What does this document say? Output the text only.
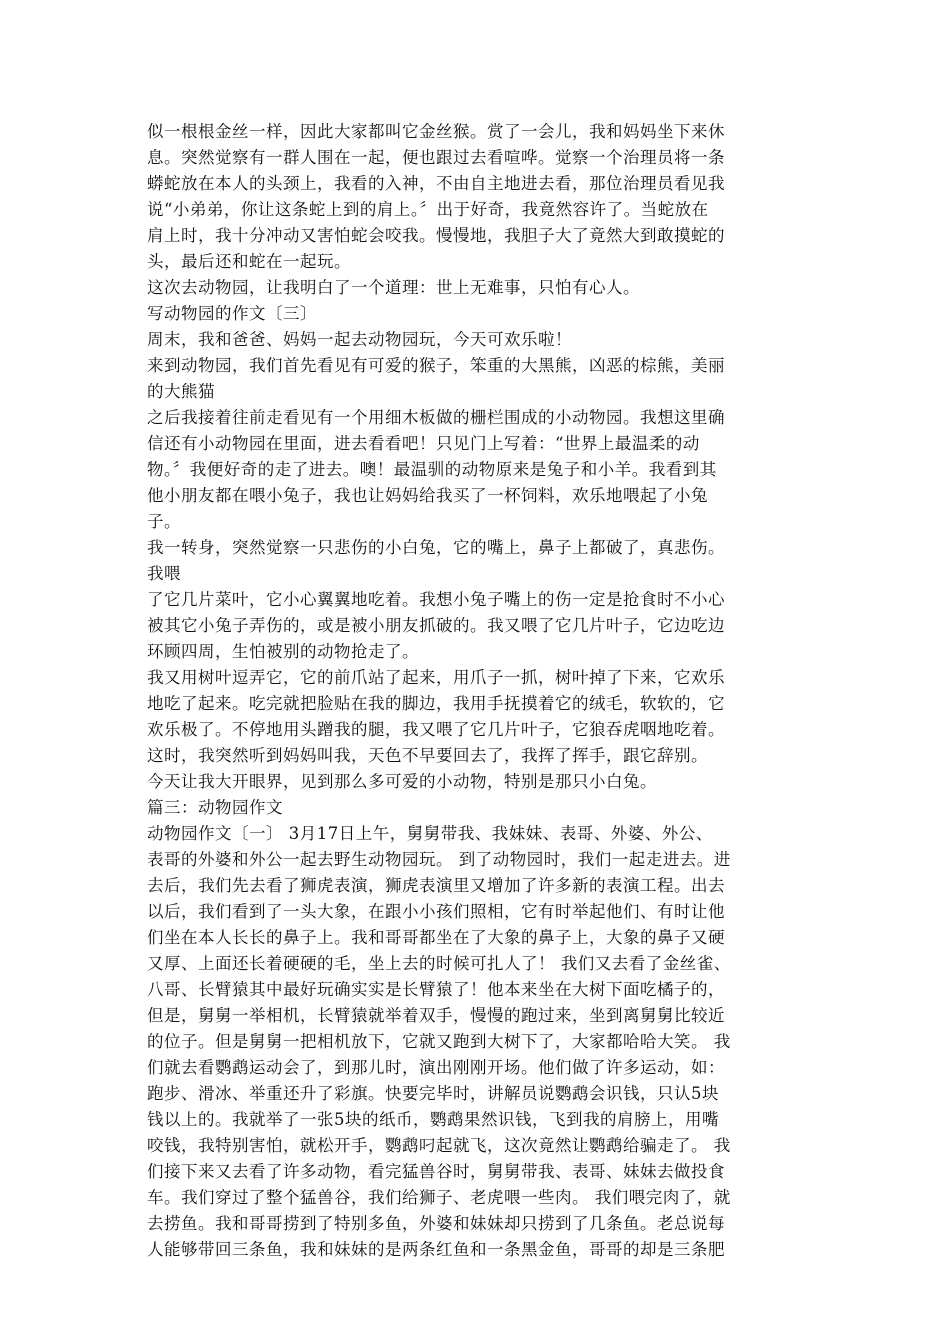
似一根根金丝一样，因此大家都叫它金丝猴。赏了一会儿，我和妈妈坐下来休
息。突然觉察有一群人围在一起，便也跟过去看喧哗。觉察一个治理员将一条
蟒蛇放在本人的头颈上，我看的入神，不由自主地进去看，那位治理员看见我
说“小弟弟，你让这条蛇上到的肩上。〞出于好奇，我竟然容许了。当蛇放在
肩上时，我十分冲动又害怕蛇会咬我。慢慢地，我胆子大了竟然大到敢摸蛇的
头，最后还和蛇在一起玩。

这次去动物园，让我明白了一个道理：世上无难事，只怕有心人。

写动物园的作文〔三〕

周末，我和爸爸、妈妈一起去动物园玩，今天可欢乐啦！

来到动物园，我们首先看见有可爱的猴子，笨重的大黑熊，凶恶的棕熊，美丽
的大熊猫

之后我接着往前走看见有一个用细木板做的栅栏围成的小动物园。我想这里确
信还有小动物园在里面，进去看看吧！只见门上写着：“世界上最温柔的动
物。〞我便好奇的走了进去。噢！最温驯的动物原来是兔子和小羊。我看到其
他小朋友都在喂小兔子，我也让妈妈给我买了一杯饲料，欢乐地喂起了小兔
子。

我一转身，突然觉察一只悲伤的小白兔，它的嘴上，鼻子上都破了，真悲伤。
我喂

了它几片菜叶，它小心翼翼地吃着。我想小兔子嘴上的伤一定是抢食时不小心
被其它小兔子弄伤的，或是被小朋友抓破的。我又喂了它几片叶子，它边吃边
环顾四周，生怕被别的动物抢走了。

我又用树叶逗弄它，它的前爪站了起来，用爪子一抓，树叶掉了下来，它欢乐
地吃了起来。吃完就把脸贴在我的脚边，我用手抚摸着它的绒毛，软软的，它
欢乐极了。不停地用头蹭我的腿，我又喂了它几片叶子，它狼吞虎咽地吃着。
这时，我突然听到妈妈叫我，天色不早要回去了，我挥了挥手，跟它辞别。

今天让我大开眼界，见到那么多可爱的小动物，特别是那只小白兔。

篇三：动物园作文

动物园作文〔一〕 3月17日上午，舅舅带我、我妹妹、表哥、外婆、外公、
表哥的外婆和外公一起去野生动物园玩。 到了动物园时，我们一起走进去。进
去后，我们先去看了狮虎表演，狮虎表演里又增加了许多新的表演工程。出去
以后，我们看到了一头大象，在跟小小孩们照相，它有时举起他们、有时让他
们坐在本人长长的鼻子上。我和哥哥都坐在了大象的鼻子上，大象的鼻子又硬
又厚、上面还长着硬硬的毛，坐上去的时候可扎人了！ 我们又去看了金丝雀、
八哥、长臂猿其中最好玩确实实是长臂猿了！他本来坐在大树下面吃橘子的，
但是，舅舅一举相机，长臂猿就举着双手，慢慢的跑过来，坐到离舅舅比较近
的位子。但是舅舅一把相机放下，它就又跑到大树下了，大家都哈哈大笑。 我
们就去看鹦鹉运动会了，到那儿时，演出刚刚开场。他们做了许多运动，如：
跑步、滑冰、举重还升了彩旗。快要完毕时，讲解员说鹦鹉会识钱，只认5块
钱以上的。我就举了一张5块的纸币，鹦鹉果然识钱，飞到我的肩膀上，用嘴
咬钱，我特别害怕，就松开手，鹦鹉叼起就飞，这次竟然让鹦鹉给骗走了。 我
们接下来又去看了许多动物，看完猛兽谷时，舅舅带我、表哥、妹妹去做投食
车。我们穿过了整个猛兽谷，我们给狮子、老虎喂一些肉。 我们喂完肉了，就
去捞鱼。我和哥哥捞到了特别多鱼，外婆和妹妹却只捞到了几条鱼。老总说每
人能够带回三条鱼，我和妹妹的是两条红鱼和一条黑金鱼，哥哥的却是三条肥
